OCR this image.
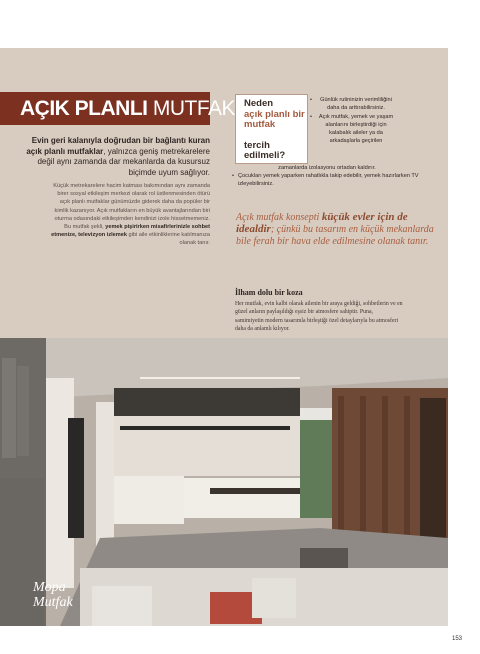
AÇIK PLANLI MUTFAK
Evin geri kalanıyla doğrudan bir bağlantı kuran açık planlı mutfaklar, yalnızca geniş metrekarelere değil aynı zamanda dar mekanlarda da kusursuz biçimde uyum sağlıyor.
Küçük metrekarelere hacim katması bakımından aynı zamanda birer sosyal etkileşim merkezi olarak rol üstlenmesinden ötürü açık planlı mutfaklar günümüzde giderek daha da popüler bir kimlik kazanıyor. Açık mutfakların en büyük avantajlarından biri oturma odasındaki etkileşimden kendinizi izole hissetmemeniz. Bu mutfak şekli, yemek pişirirken misafirlerinizle sohbet etmenize, televizyon izlemek gibi aile etkinliklerine katılmanıza olanak tanır.
Neden
açık planlı bir mutfak
tercih edilmeli?
• Günlük rutininizin verimliliğini daha da arttırabilirsiniz.
• Açık mutfak, yemek ve yaşam alanlarını birleştirdiği için kalabalık aileler ya da arkadaşlarla geçirilen
zamanlarda izolasyonu ortadan kaldırır.
• Çocukları yemek yaparken rahatlıkla takip edebilir, yemek hazırlarken TV izleyebilirsiniz.
Açık mutfak konsepti küçük evler için de idealdir; çünkü bu tasarım en küçük mekanlarda bile ferah bir hava elde edilmesine olanak tanır.
İlham dolu bir koza
Her mutfak, evin kalbi olarak ailenin bir araya geldiği, sohbetlerin ve en güzel anların paylaşıldığı eşsiz bir atmosfere sahiptir. Puna, samimiyetin modern tasarımla birleştiği özel detaylarıyla bu atmosferi daha da anlamlı kılıyor.
Mopa
Mutfak
153
